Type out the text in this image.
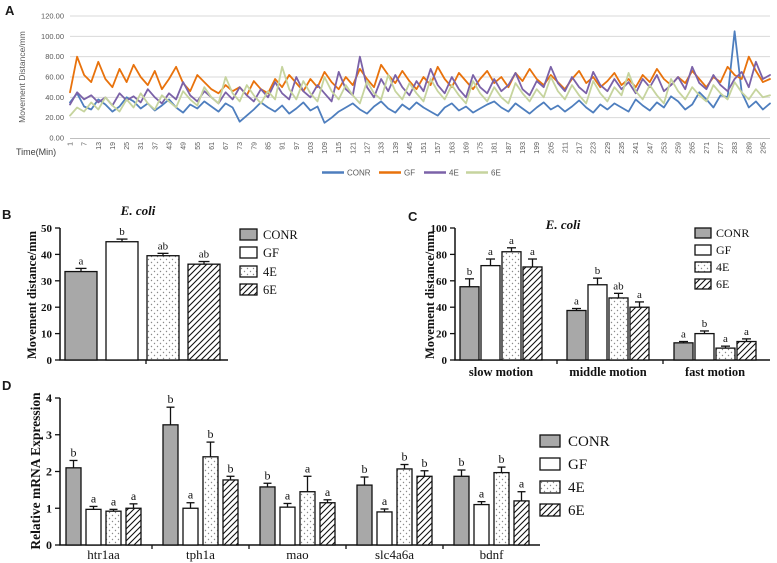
A
B	C
D
0.00
20.00
40.00
60.00
80.00
100.00
120.00
1 7 13 19 25 31 37 43 49 55 61 67 73 79 85 91 97 103 109 115 121 127 133 139 145 151 157 163 169 175 181 187 193 199 205 211 217 223 229 235 241 247 253 259 265 271 277 283 289 295
Movement Distance/mm
Time(Min)
CONR	GF	4E	6E
0
10
20
30
40
50
a
b
ab
ab
E. coli
Movement distance/mm	CONR
GF
4E
6E
0
20
40
60
80
100
b
a
a
a
b
b
a
ab
a
a
a
a
slow motion	middle motion	fast motion
E. coli
Movement distance/mm	CONR
GF
4E
6E
0
1
2
3
4
b
b
b	b	b
a	a	a	a
a
a
b
a
b	b
a
b
a
b
a
htr1aa	tph1a	mao	slc4a6a	bdnf
Relative mRNA Expression	CONR
GF
4E
6E
